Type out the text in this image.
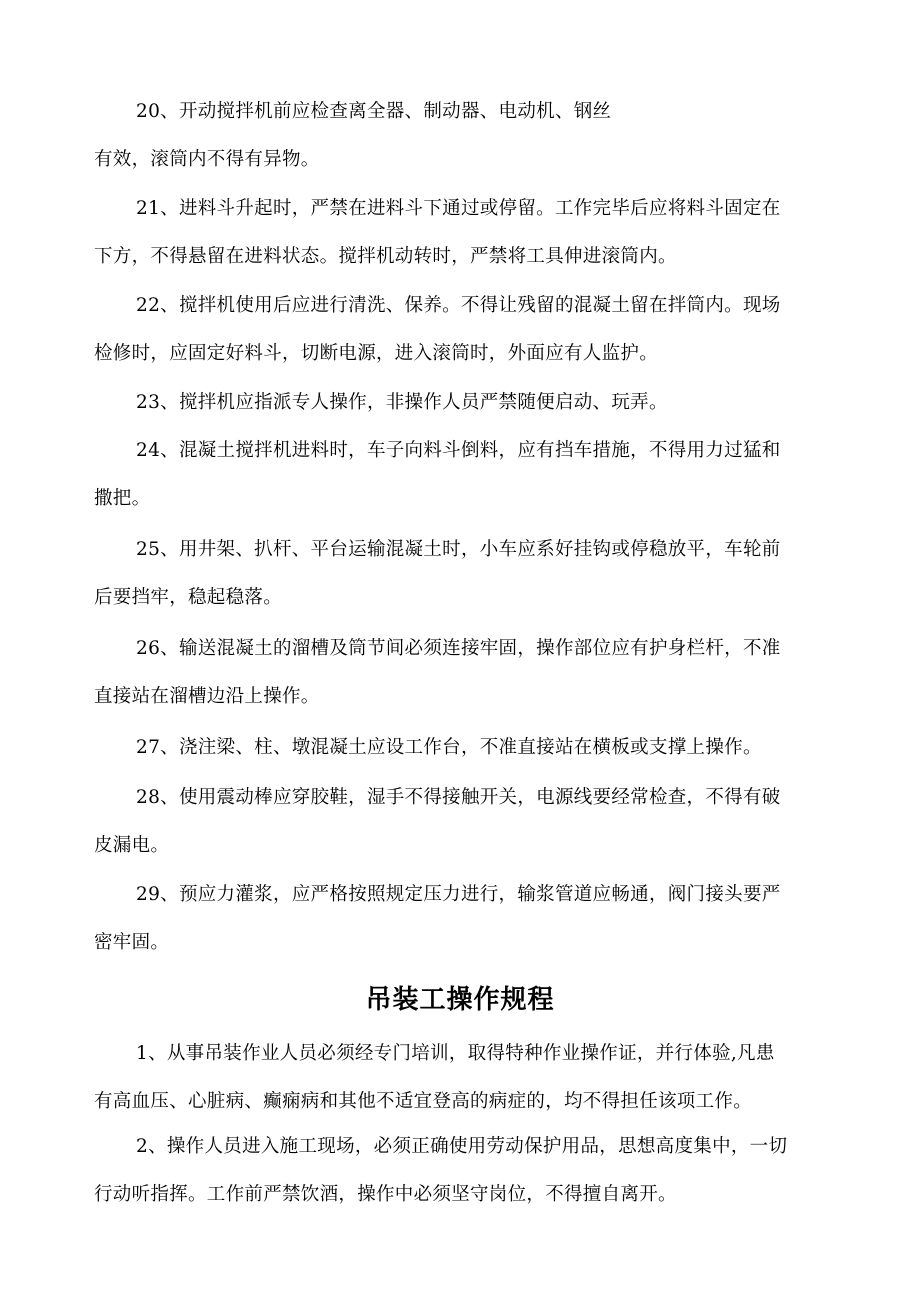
20、开动搅拌机前应检查离全器、制动器、电动机、钢丝
有效，滚筒内不得有异物。
21、进料斗升起时，严禁在进料斗下通过或停留。工作完毕后应将料斗固定在
下方，不得悬留在进料状态。搅拌机动转时，严禁将工具伸进滚筒内。
22、搅拌机使用后应进行清洗、保养。不得让残留的混凝土留在拌筒内。现场
检修时，应固定好料斗，切断电源，进入滚筒时，外面应有人监护。
23、搅拌机应指派专人操作，非操作人员严禁随便启动、玩弄。
24、混凝土搅拌机进料时，车子向料斗倒料，应有挡车措施，不得用力过猛和
撒把。
25、用井架、扒杆、平台运输混凝土时，小车应系好挂钩或停稳放平，车轮前
后要挡牢，稳起稳落。
26、输送混凝土的溜槽及筒节间必须连接牢固，操作部位应有护身栏杆，不准
直接站在溜槽边沿上操作。
27、浇注梁、柱、墩混凝土应设工作台，不准直接站在横板或支撑上操作。
28、使用震动棒应穿胶鞋，湿手不得接触开关，电源线要经常检查，不得有破
皮漏电。
29、预应力灌浆，应严格按照规定压力进行，输浆管道应畅通，阀门接头要严
密牢固。
吊装工操作规程
1、从事吊装作业人员必须经专门培训，取得特种作业操作证，并行体验,凡患
有高血压、心脏病、癫痫病和其他不适宜登高的病症的，均不得担任该项工作。
2、操作人员进入施工现场，必须正确使用劳动保护用品，思想高度集中，一切
行动听指挥。工作前严禁饮酒，操作中必须坚守岗位，不得擅自离开。
